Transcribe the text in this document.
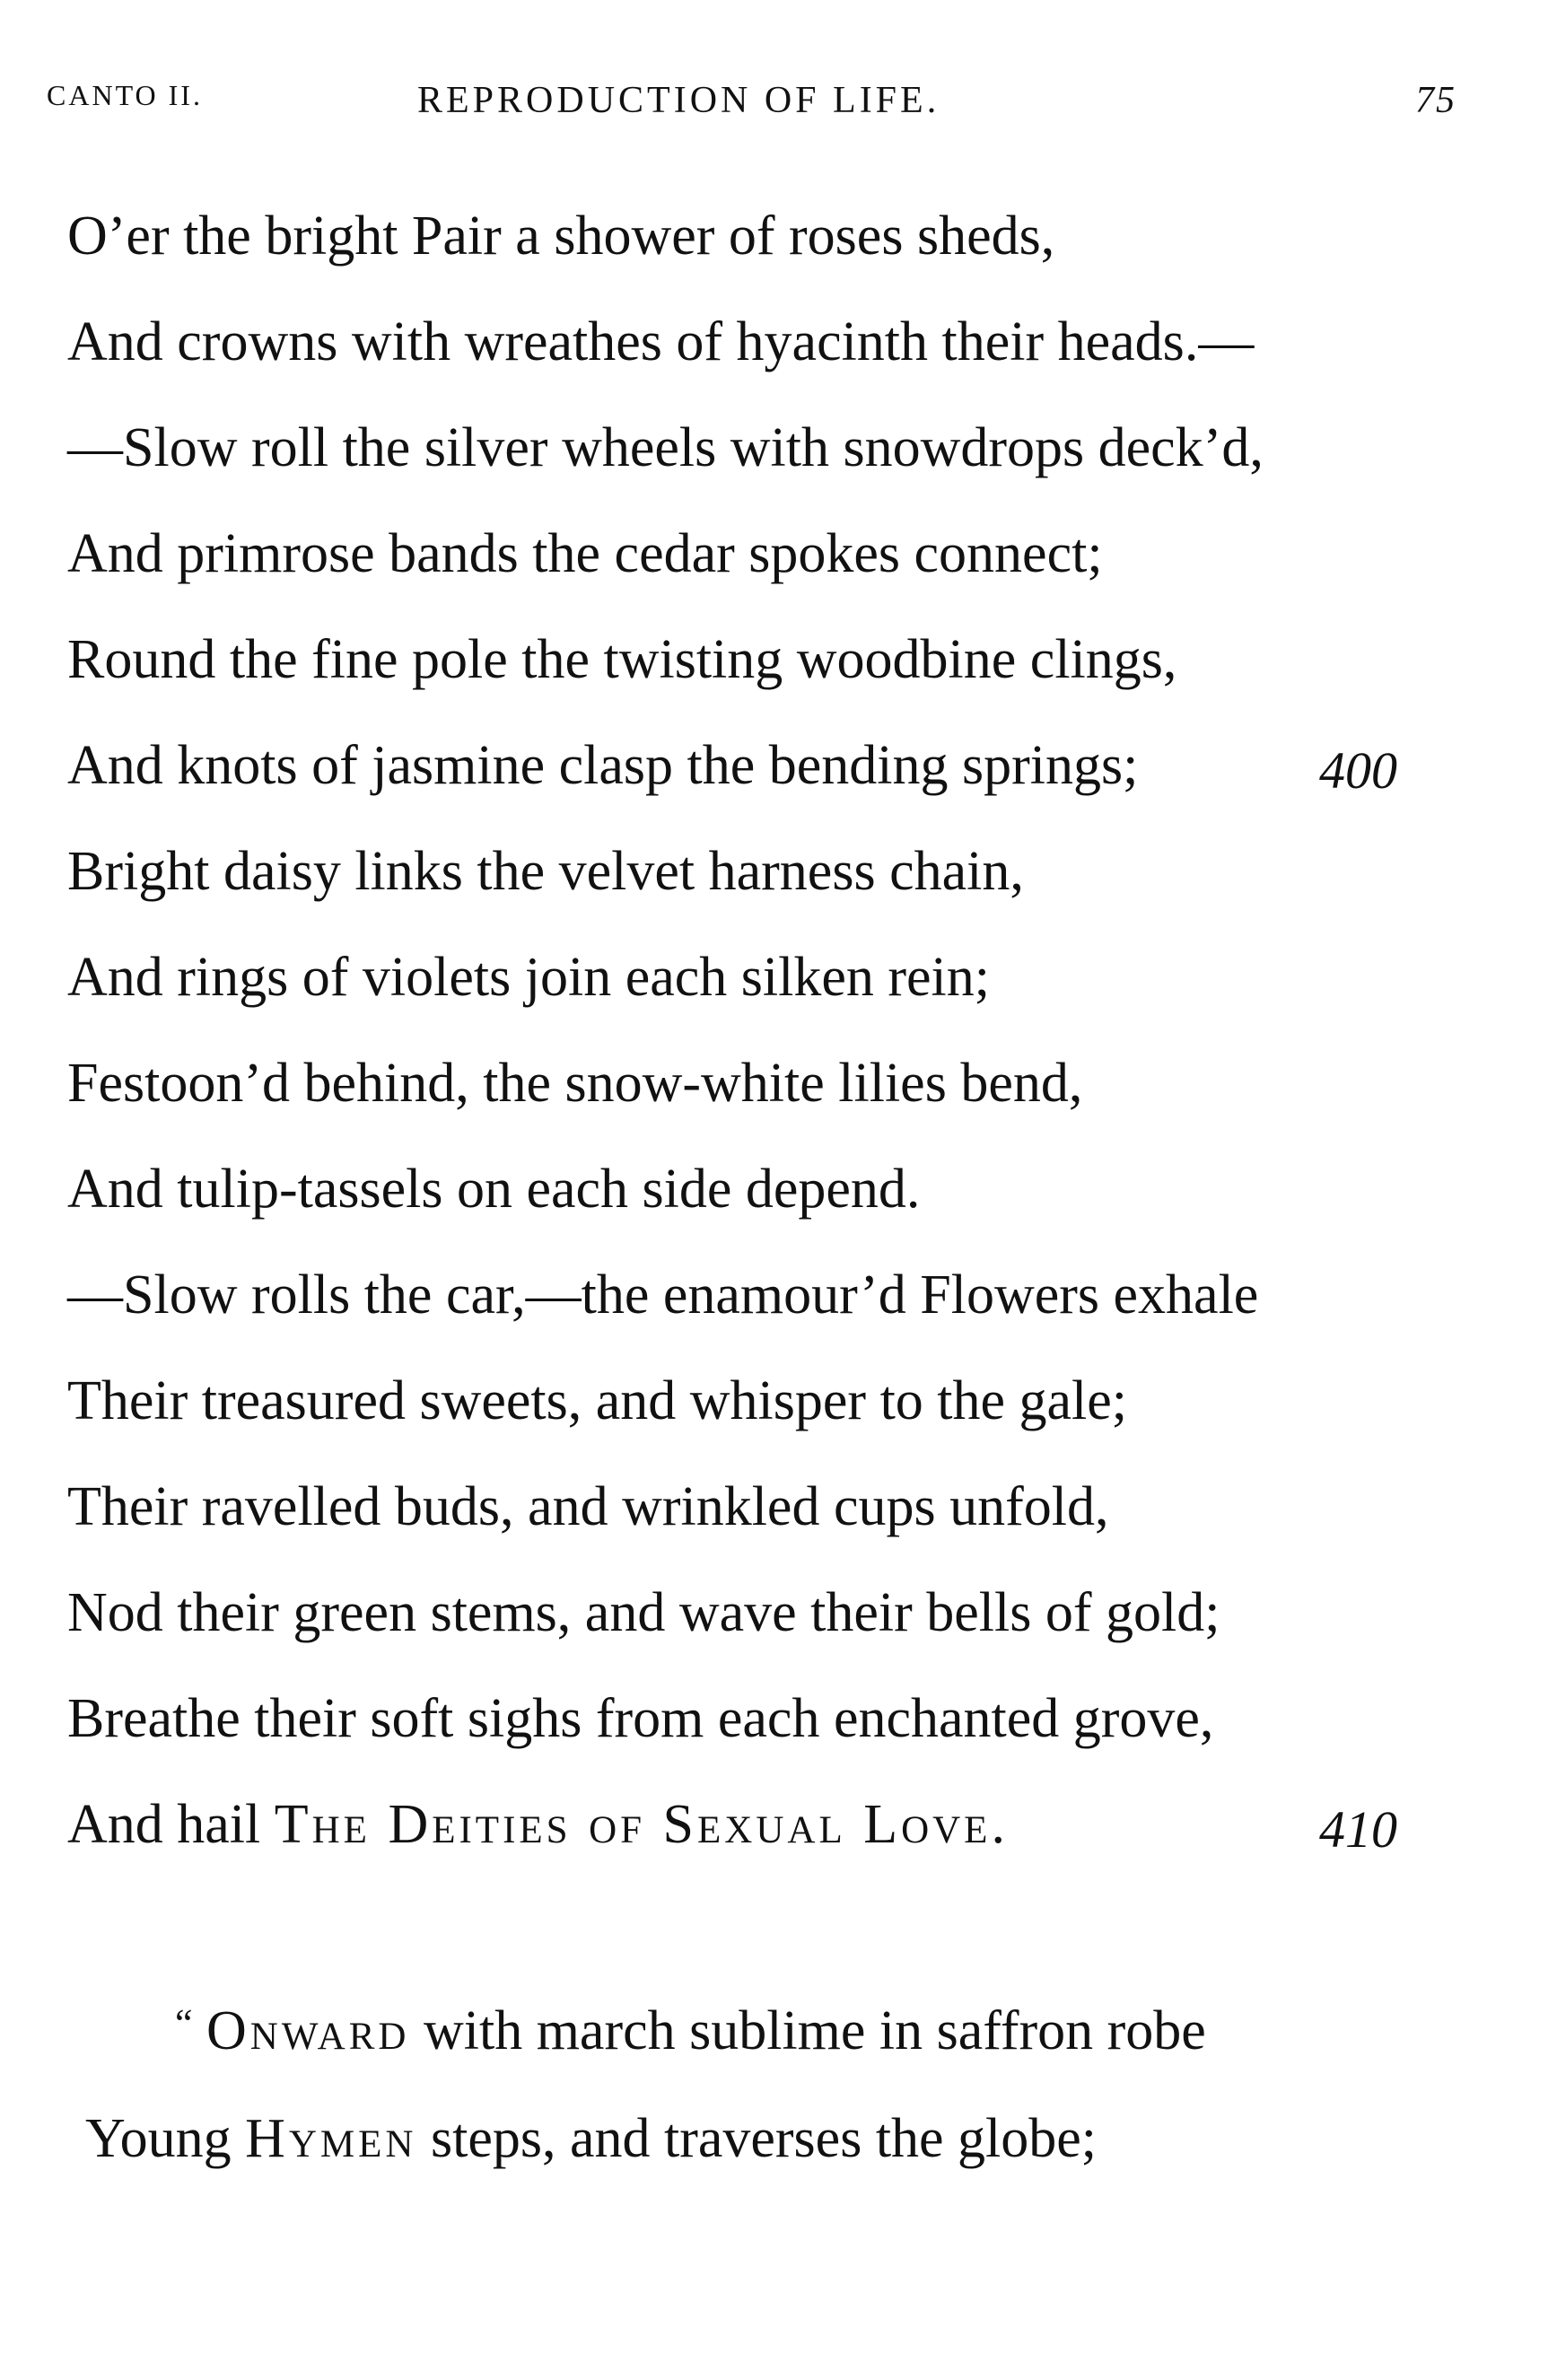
CANTO II.	REPRODUCTION OF LIFE.	75
O’er the bright Pair a shower of roses sheds,
And crowns with wreathes of hyacinth their heads.—
—Slow roll the silver wheels with snowdrops deck’d,
And primrose bands the cedar spokes connect;
Round the fine pole the twisting woodbine clings,
And knots of jasmine clasp the bending springs;	400
Bright daisy links the velvet harness chain,
And rings of violets join each silken rein;
Festoon’d behind, the snow-white lilies bend,
And tulip-tassels on each side depend.
—Slow rolls the car,—the enamour’d Flowers exhale
Their treasured sweets, and whisper to the gale;
Their ravelled buds, and wrinkled cups unfold,
Nod their green stems, and wave their bells of gold;
Breathe their soft sighs from each enchanted grove,
And hail The Deities of Sexual Love.	410
“ Onward with march sublime in saffron robe
Young Hymen steps, and traverses the globe;
